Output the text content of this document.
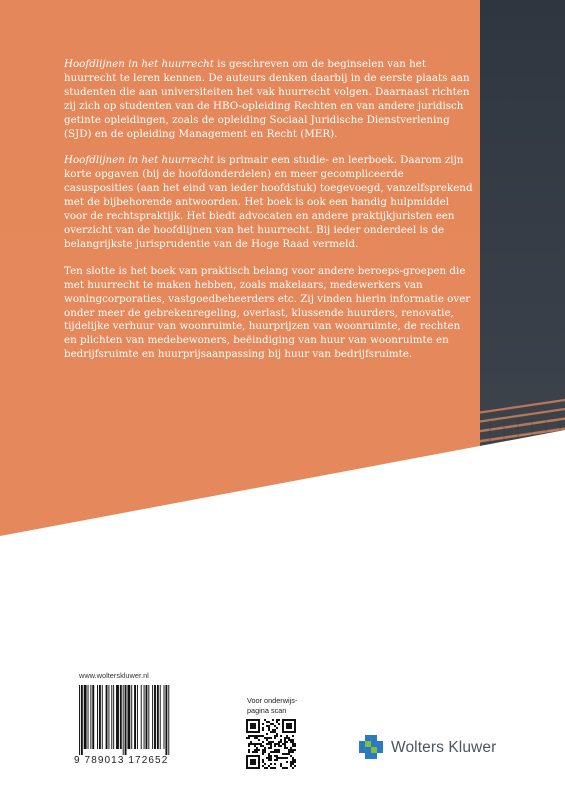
Hoofdlijnen in het huurrecht is geschreven om de beginselen van het huurrecht te leren kennen. De auteurs denken daarbij in de eerste plaats aan studenten die aan universiteiten het vak huurrecht volgen. Daarnaast richten zij zich op studenten van de HBO-opleiding Rechten en van andere juridisch getinte opleidingen, zoals de opleiding Sociaal Juridische Dienstverlening (SJD) en de opleiding Management en Recht (MER).

Hoofdlijnen in het huurrecht is primair een studie- en leerboek. Daarom zijn korte opgaven (bij de hoofdonderdelen) en meer gecompliceerde casusposities (aan het eind van ieder hoofdstuk) toegevoegd, vanzelfsprekend met de bijbehorende antwoorden. Het boek is ook een handig hulpmiddel voor de rechtspraktijk. Het biedt advocaten en andere praktijkjuristen een overzicht van de hoofdlijnen van het huurrecht. Bij ieder onderdeel is de belangrijkste jurisprudentie van de Hoge Raad vermeld.

Ten slotte is het boek van praktisch belang voor andere beroeps-groepen die met huurrecht te maken hebben, zoals makelaars, medewerkers van woningcorporaties, vastgoedbeheerders etc. Zij vinden hierin informatie over onder meer de gebrekenregeling, overlast, klussende huurders, renovatie, tijdelijke verhuur van woonruimte, huurprijzen van woonruimte, de rechten en plichten van medebewoners, beëindiging van huur van woonruimte en bedrijfsruimte en huurprijsaanpassing bij huur van bedrijfsruimte.

www.wolterskluwer.nl
9 789013 172652
Voor onderwijs-
pagina scan
Wolters Kluwer
